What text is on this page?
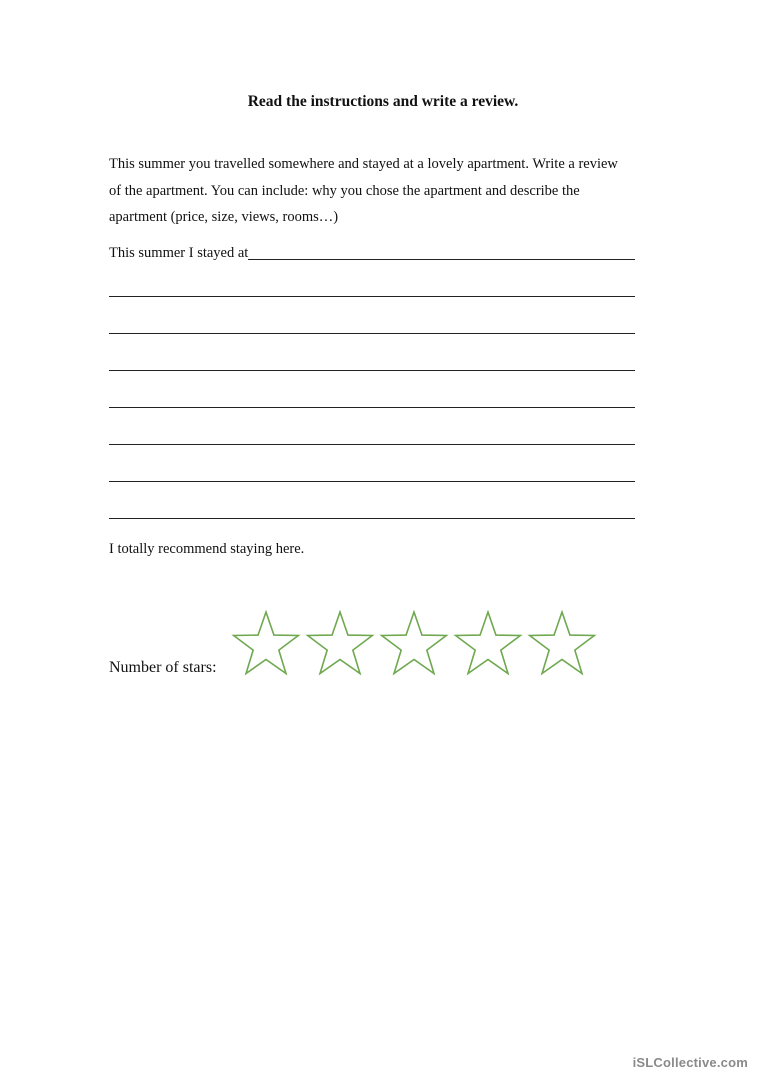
Read the instructions and write a review.
This summer you travelled somewhere and stayed at a lovely apartment. Write a review
of the apartment. You can include: why you chose the apartment and describe the
apartment (price, size, views, rooms…)
This summer I stayed at
I totally recommend staying here.
Number of stars:
iSLCollective.com
